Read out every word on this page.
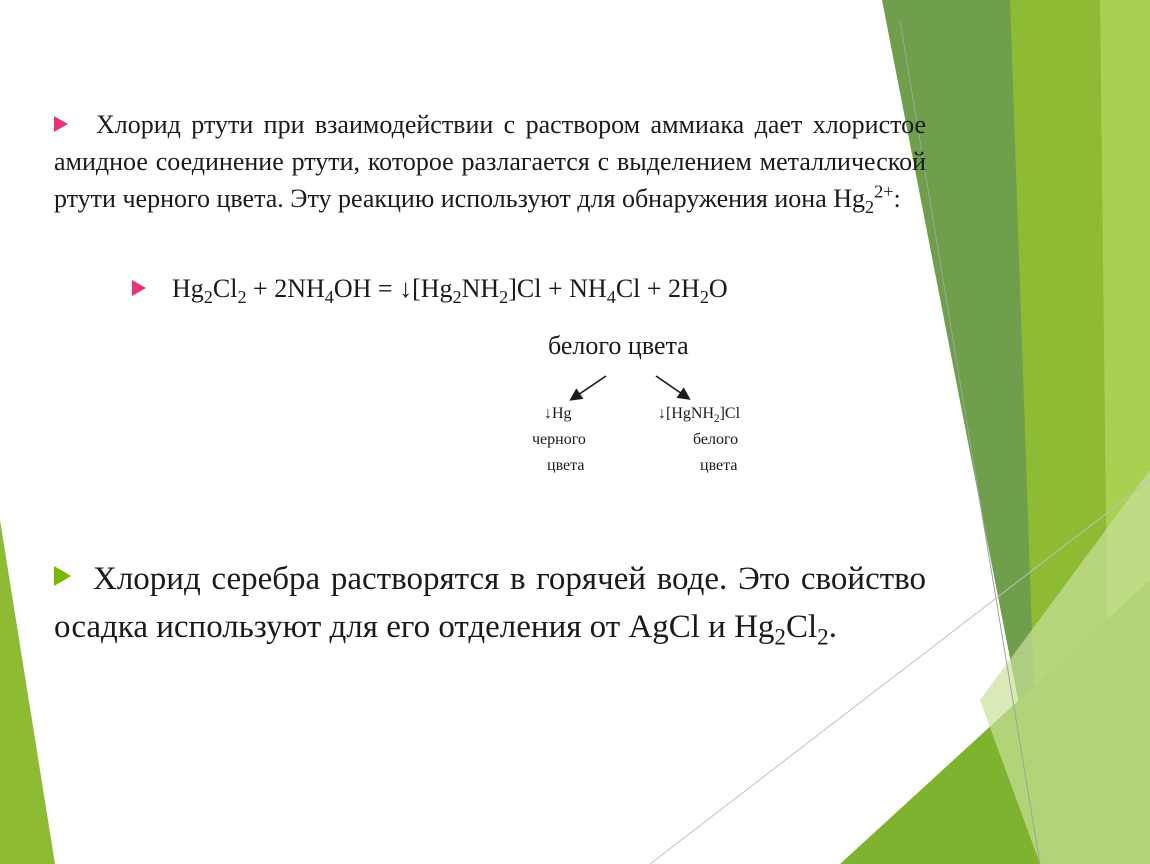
Хлорид ртути при взаимодействии с раствором аммиака дает хлористое амидное соединение ртути, которое разлагается с выделением металлической ртути черного цвета. Эту реакцию используют для обнаружения иона $Hg_2^{2+}$:
$Hg_2Cl_2 + 2NH_4OH$ = $↓[Hg_2NH_2]Cl + NH_4Cl + 2H_2O$
белого цвета
↓Hg
черного
цвета
↓[HgNH$_2$]Cl
белого
цвета
Хлорид серебра растворятся в горячей воде. Это свойство осадка используют для его отделения от AgCl и $Hg_2Cl_2$.
